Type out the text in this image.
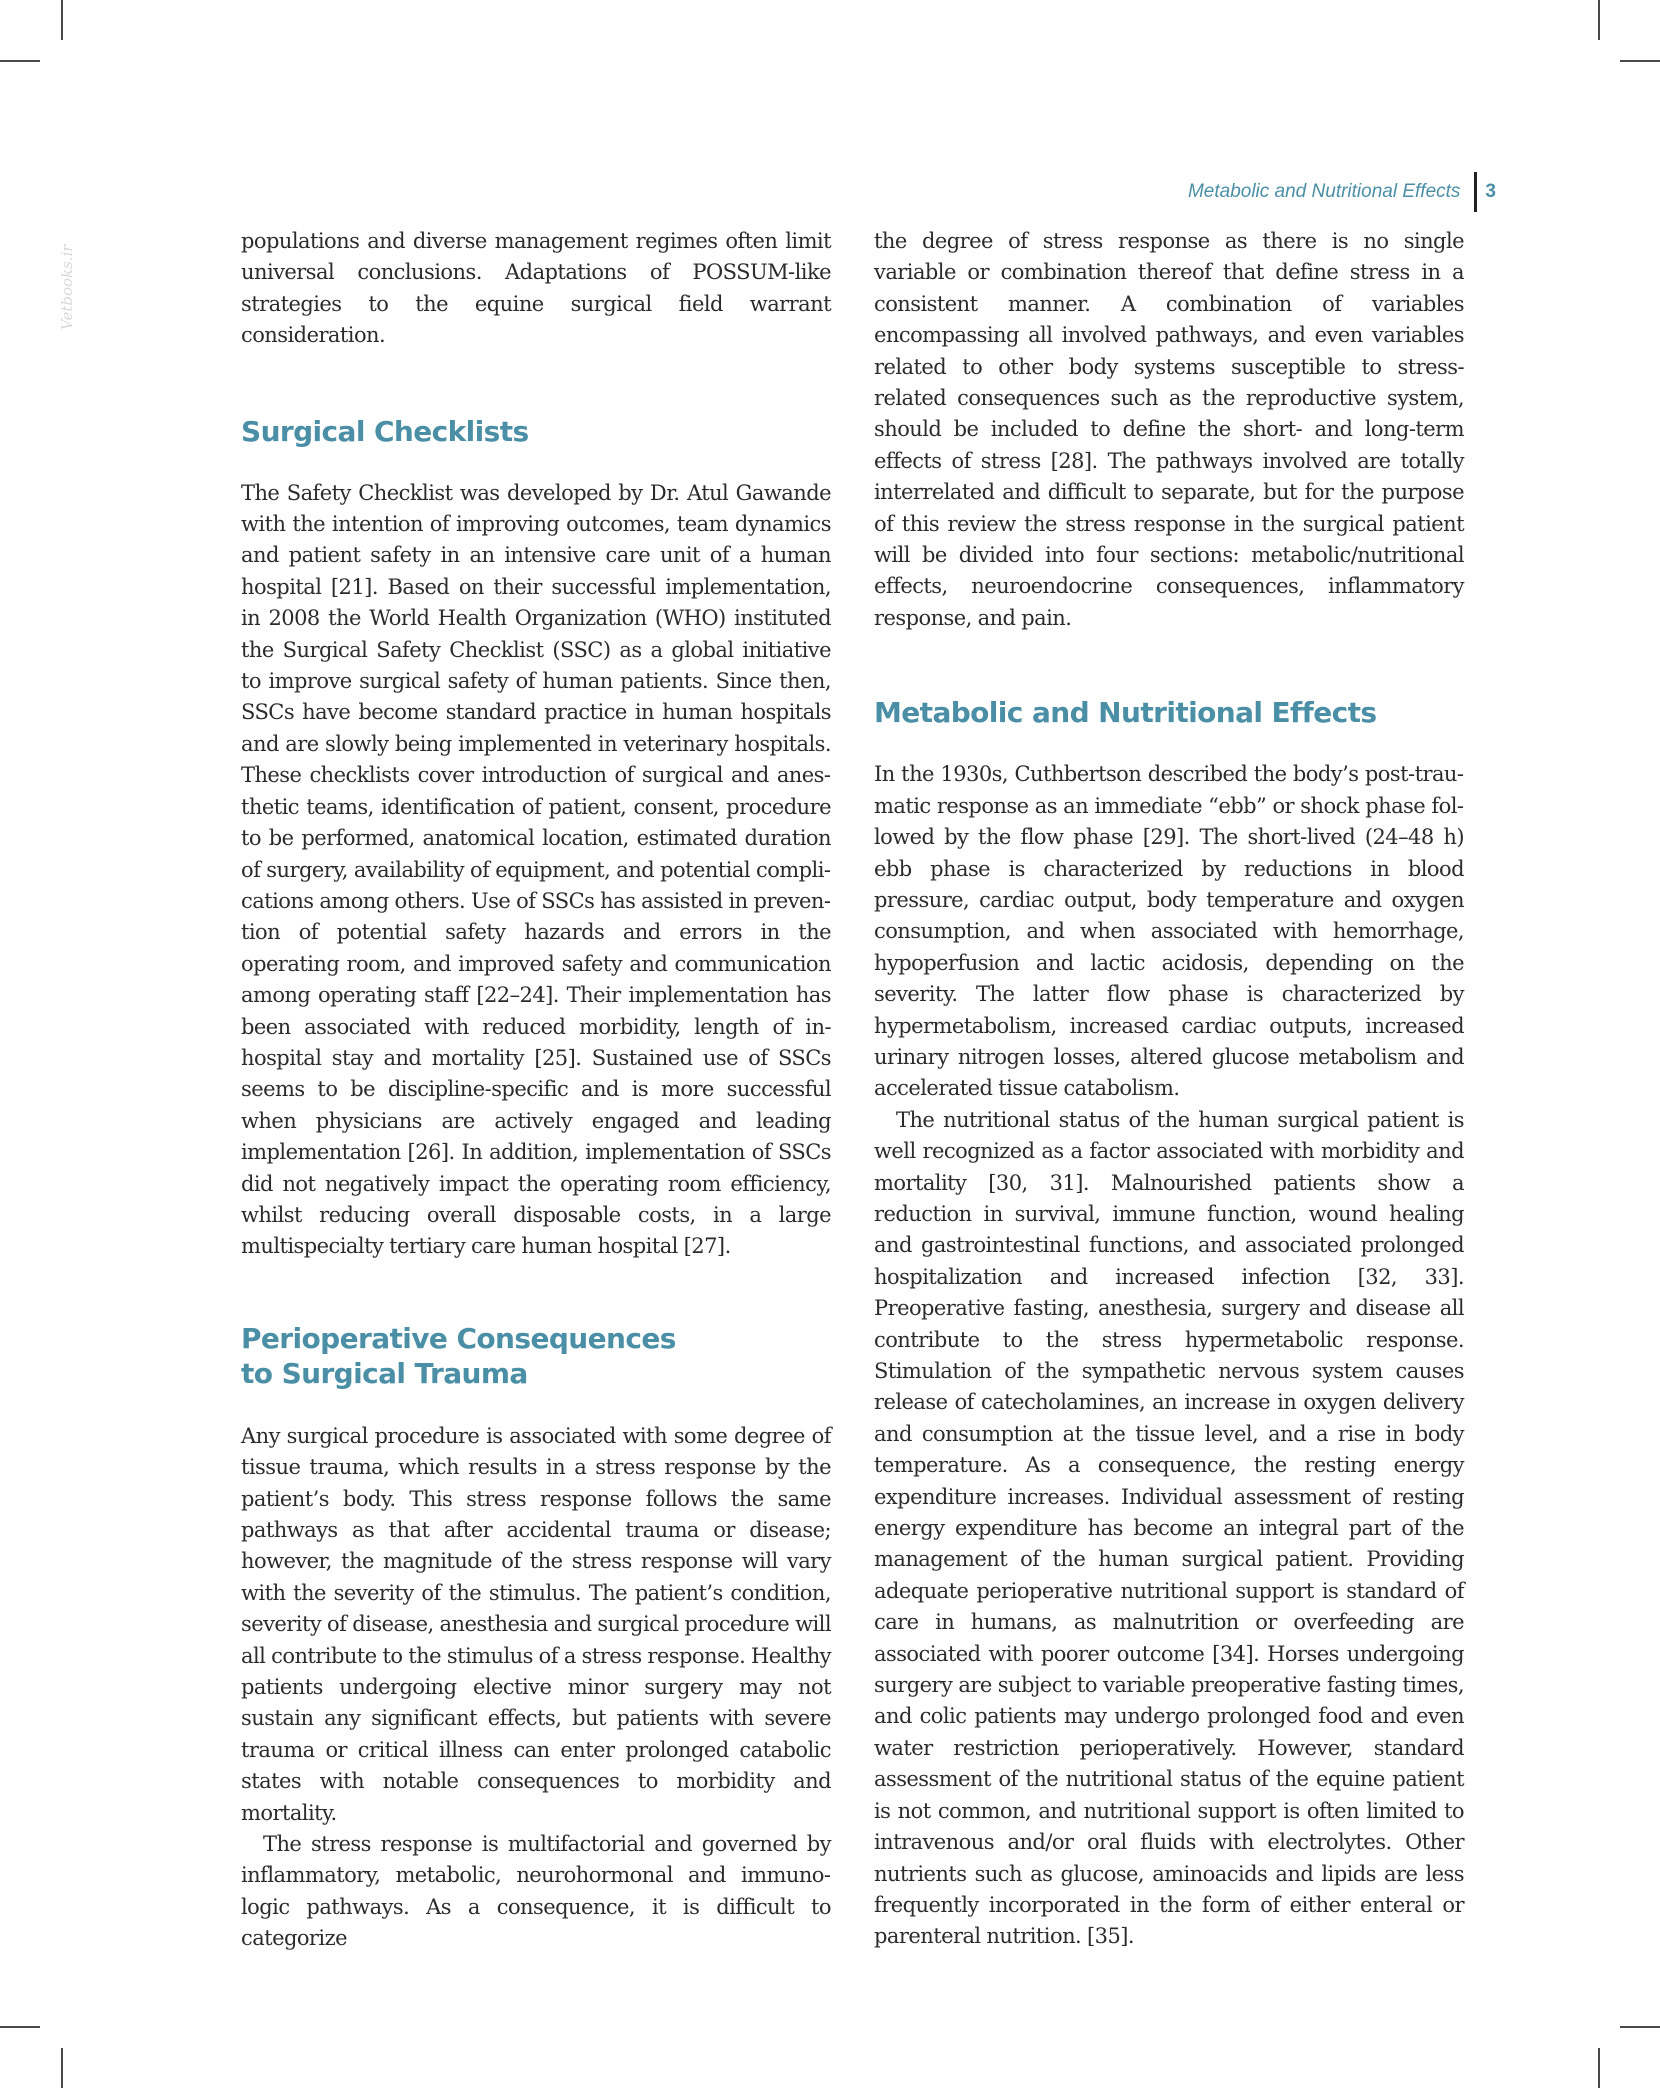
Vetbooks.ir
Metabolic and Nutritional Effects 3

populations and diverse management regimes often limit universal conclusions. Adaptations of POSSUM-like strategies to the equine surgical field warrant consideration.

Surgical Checklists

The Safety Checklist was developed by Dr. Atul Gawande with the intention of improving outcomes, team dynamics and patient safety in an intensive care unit of a human hospital [21]. Based on their successful implementation, in 2008 the World Health Organization (WHO) instituted the Surgical Safety Checklist (SSC) as a global initiative to improve surgical safety of human patients. Since then, SSCs have become standard practice in human hospitals and are slowly being implemented in veterinary hospitals. These checklists cover introduction of surgical and anesthetic teams, identification of patient, consent, procedure to be performed, anatomical location, estimated duration of surgery, availability of equipment, and potential complications among others. Use of SSCs has assisted in prevention of potential safety hazards and errors in the operating room, and improved safety and communication among operating staff [22–24]. Their implementation has been associated with reduced morbidity, length of in-hospital stay and mortality [25]. Sustained use of SSCs seems to be discipline-specific and is more successful when physicians are actively engaged and leading implementation [26]. In addition, implementation of SSCs did not negatively impact the operating room efficiency, whilst reducing overall disposable costs, in a large multispecialty tertiary care human hospital [27].

Perioperative Consequences
to Surgical Trauma

Any surgical procedure is associated with some degree of tissue trauma, which results in a stress response by the patient’s body. This stress response follows the same pathways as that after accidental trauma or disease; however, the magnitude of the stress response will vary with the severity of the stimulus. The patient’s condition, severity of disease, anesthesia and surgical procedure will all contribute to the stimulus of a stress response. Healthy patients undergoing elective minor surgery may not sustain any significant effects, but patients with severe trauma or critical illness can enter prolonged catabolic states with notable consequences to morbidity and mortality.

The stress response is multifactorial and governed by inflammatory, metabolic, neurohormonal and immunologic pathways. As a consequence, it is difficult to categorize

the degree of stress response as there is no single variable or combination thereof that define stress in a consistent manner. A combination of variables encompassing all involved pathways, and even variables related to other body systems susceptible to stress-related consequences such as the reproductive system, should be included to define the short- and long-term effects of stress [28]. The pathways involved are totally interrelated and difficult to separate, but for the purpose of this review the stress response in the surgical patient will be divided into four sections: metabolic/nutritional effects, neuroendocrine consequences, inflammatory response, and pain.

Metabolic and Nutritional Effects

In the 1930s, Cuthbertson described the body’s post-traumatic response as an immediate “ebb” or shock phase followed by the flow phase [29]. The short-lived (24–48 h) ebb phase is characterized by reductions in blood pressure, cardiac output, body temperature and oxygen consumption, and when associated with hemorrhage, hypoperfusion and lactic acidosis, depending on the severity. The latter flow phase is characterized by hypermetabolism, increased cardiac outputs, increased urinary nitrogen losses, altered glucose metabolism and accelerated tissue catabolism.

The nutritional status of the human surgical patient is well recognized as a factor associated with morbidity and mortality [30, 31]. Malnourished patients show a reduction in survival, immune function, wound healing and gastrointestinal functions, and associated prolonged hospitalization and increased infection [32, 33]. Preoperative fasting, anesthesia, surgery and disease all contribute to the stress hypermetabolic response. Stimulation of the sympathetic nervous system causes release of catecholamines, an increase in oxygen delivery and consumption at the tissue level, and a rise in body temperature. As a consequence, the resting energy expenditure increases. Individual assessment of resting energy expenditure has become an integral part of the management of the human surgical patient. Providing adequate perioperative nutritional support is standard of care in humans, as malnutrition or overfeeding are associated with poorer outcome [34]. Horses undergoing surgery are subject to variable preoperative fasting times, and colic patients may undergo prolonged food and even water restriction perioperatively. However, standard assessment of the nutritional status of the equine patient is not common, and nutritional support is often limited to intravenous and/or oral fluids with electrolytes. Other nutrients such as glucose, aminoacids and lipids are less frequently incorporated in the form of either enteral or parenteral nutrition. [35].
